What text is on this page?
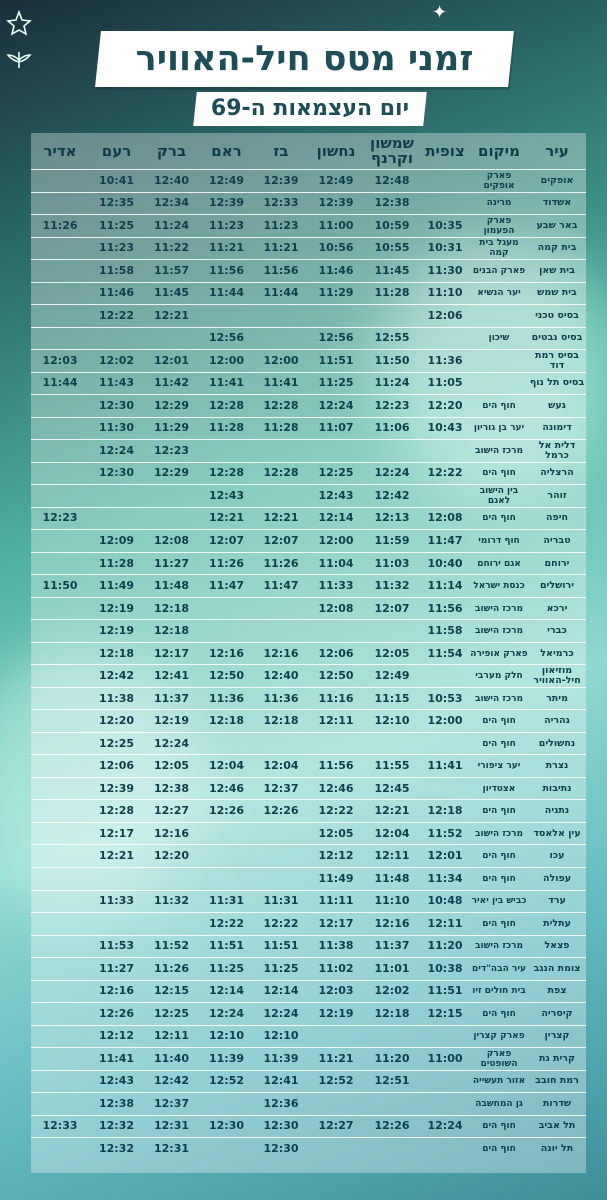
✦
זמני מטס חיל-האוויר
יום העצמאות ה-69
עיר
מיקום
צופית
שמשון וקרנף
נחשון
בז
ראם
ברק
רעם
אדיר
אופקים
פארק אופקים
12:48
12:49
12:39
12:49
12:40
10:41
אשדוד
מרינה
12:38
12:39
12:33
12:39
12:34
12:35
באר שבע
פארק הפעמון
10:35
10:59
11:00
11:23
11:23
11:24
11:25
11:26
בית קמה
מעגל בית קמה
10:31
10:55
10:56
11:21
11:21
11:22
11:23
בית שאן
פארק הבנים
11:30
11:45
11:46
11:56
11:56
11:57
11:58
בית שמש
יער הנשיא
11:10
11:28
11:29
11:44
11:44
11:45
11:46
בסיס טכני
12:06
12:21
12:22
בסיס נבטים
שיכון
12:55
12:56
12:56
בסיס רמת דוד
11:36
11:50
11:51
12:00
12:00
12:01
12:02
12:03
בסיס תל נוף
11:05
11:24
11:25
11:41
11:41
11:42
11:43
11:44
געש
חוף הים
12:20
12:23
12:24
12:28
12:28
12:29
12:30
דימונה
יער בן גוריון
10:43
11:06
11:07
11:28
11:28
11:29
11:30
דלית אל כרמל
מרכז הישוב
12:23
12:24
הרצליה
חוף הים
12:22
12:24
12:25
12:28
12:28
12:29
12:30
זוהר
בין הישוב לאגם
12:42
12:43
12:43
חיפה
חוף הים
12:08
12:13
12:14
12:21
12:21
12:23
טבריה
חוף דרומי
11:47
11:59
12:00
12:07
12:07
12:08
12:09
ירוחם
אגם ירוחם
10:40
11:03
11:04
11:26
11:26
11:27
11:28
ירושלים
כנסת ישראל
11:14
11:32
11:33
11:47
11:47
11:48
11:49
11:50
ירכא
מרכז הישוב
11:56
12:07
12:08
12:18
12:19
כברי
מרכז הישוב
11:58
12:18
12:19
כרמיאל
פארק אופירה
11:54
12:05
12:06
12:16
12:16
12:17
12:18
מוזיאון חיל-האוויר
חלק מערבי
12:49
12:50
12:40
12:50
12:41
12:42
מיתר
מרכז הישוב
10:53
11:15
11:16
11:36
11:36
11:37
11:38
נהריה
חוף הים
12:00
12:10
12:11
12:18
12:18
12:19
12:20
נחשולים
חוף הים
12:24
12:25
נצרת
יער ציפורי
11:41
11:55
11:56
12:04
12:04
12:05
12:06
נתיבות
אצטדיון
12:45
12:46
12:37
12:46
12:38
12:39
נתניה
חוף הים
12:18
12:21
12:22
12:26
12:26
12:27
12:28
עין אלאסד
מרכז הישוב
11:52
12:04
12:05
12:16
12:17
עכו
חוף הים
12:01
12:11
12:12
12:20
12:21
עפולה
חוף הים
11:34
11:48
11:49
ערד
כביש בין יאיר
10:48
11:10
11:11
11:31
11:31
11:32
11:33
עתלית
חוף הים
12:11
12:16
12:17
12:22
12:22
פצאל
מרכז הישוב
11:20
11:37
11:38
11:51
11:51
11:52
11:53
צומת הנגב
עיר הבה"דים
10:38
11:01
11:02
11:25
11:25
11:26
11:27
צפת
בית חולים זיו
11:51
12:02
12:03
12:14
12:14
12:15
12:16
קיסריה
חוף הים
12:15
12:18
12:19
12:24
12:24
12:25
12:26
קצרין
פארק קצרין
12:10
12:10
12:11
12:12
קרית גת
פארק השופטים
11:00
11:20
11:21
11:39
11:39
11:40
11:41
רמת חובב
אזור תעשייה
12:51
12:52
12:41
12:52
12:42
12:43
שדרות
גן המחשבה
12:36
12:37
12:38
תל אביב
חוף הים
12:24
12:26
12:27
12:30
12:30
12:31
12:32
12:33
תל יונה
חוף הים
12:30
12:31
12:32
